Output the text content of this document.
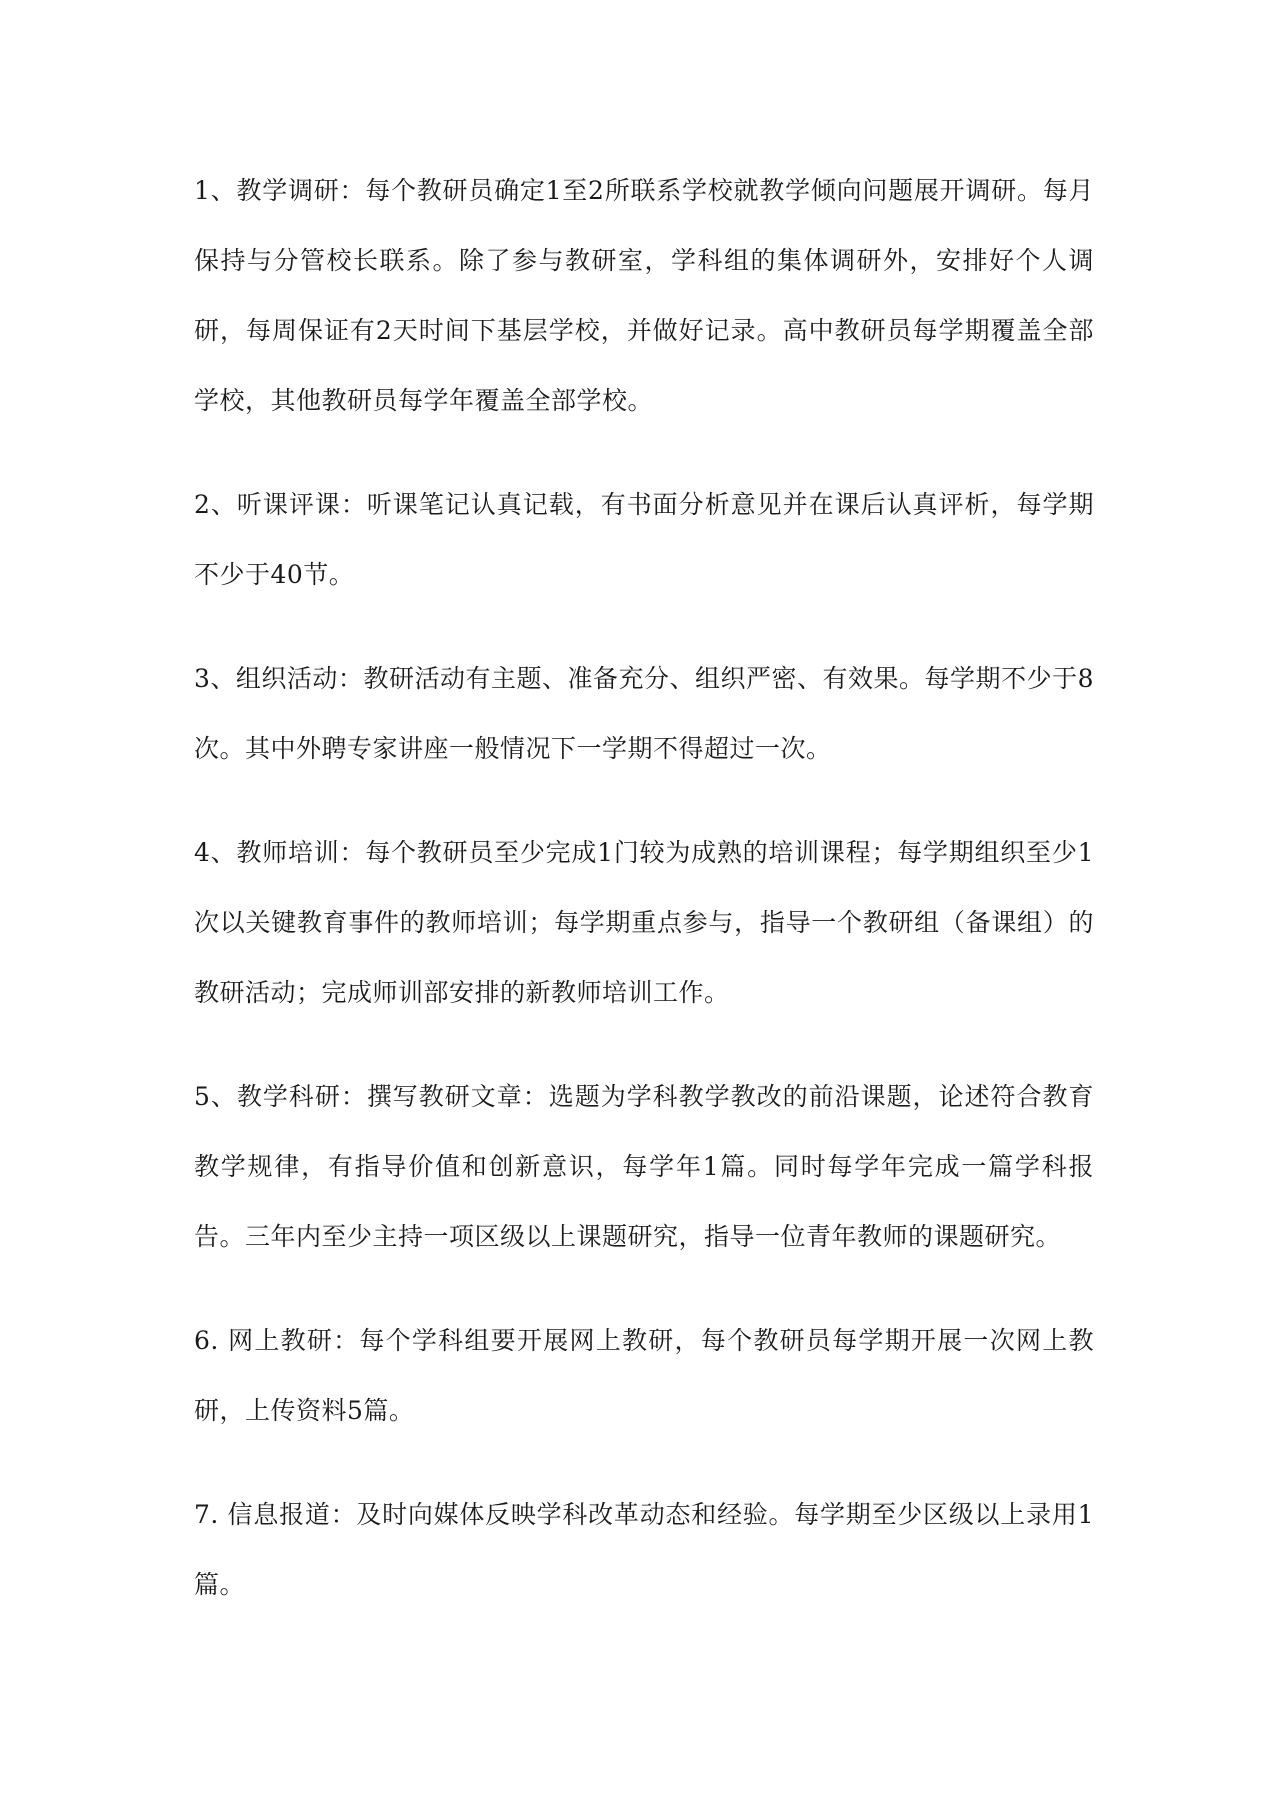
1、教学调研：每个教研员确定1至2所联系学校就教学倾向问题展开调研。每月保持与分管校长联系。除了参与教研室，学科组的集体调研外，安排好个人调研，每周保证有2天时间下基层学校，并做好记录。高中教研员每学期覆盖全部学校，其他教研员每学年覆盖全部学校。

2、听课评课：听课笔记认真记载，有书面分析意见并在课后认真评析，每学期不少于40节。

3、组织活动：教研活动有主题、准备充分、组织严密、有效果。每学期不少于8次。其中外聘专家讲座一般情况下一学期不得超过一次。

4、教师培训：每个教研员至少完成1门较为成熟的培训课程；每学期组织至少1次以关键教育事件的教师培训；每学期重点参与，指导一个教研组（备课组）的教研活动；完成师训部安排的新教师培训工作。

5、教学科研：撰写教研文章：选题为学科教学教改的前沿课题，论述符合教育教学规律，有指导价值和创新意识，每学年1篇。同时每学年完成一篇学科报告。三年内至少主持一项区级以上课题研究，指导一位青年教师的课题研究。

6. 网上教研：每个学科组要开展网上教研，每个教研员每学期开展一次网上教研，上传资料5篇。

7. 信息报道：及时向媒体反映学科改革动态和经验。每学期至少区级以上录用1篇。
